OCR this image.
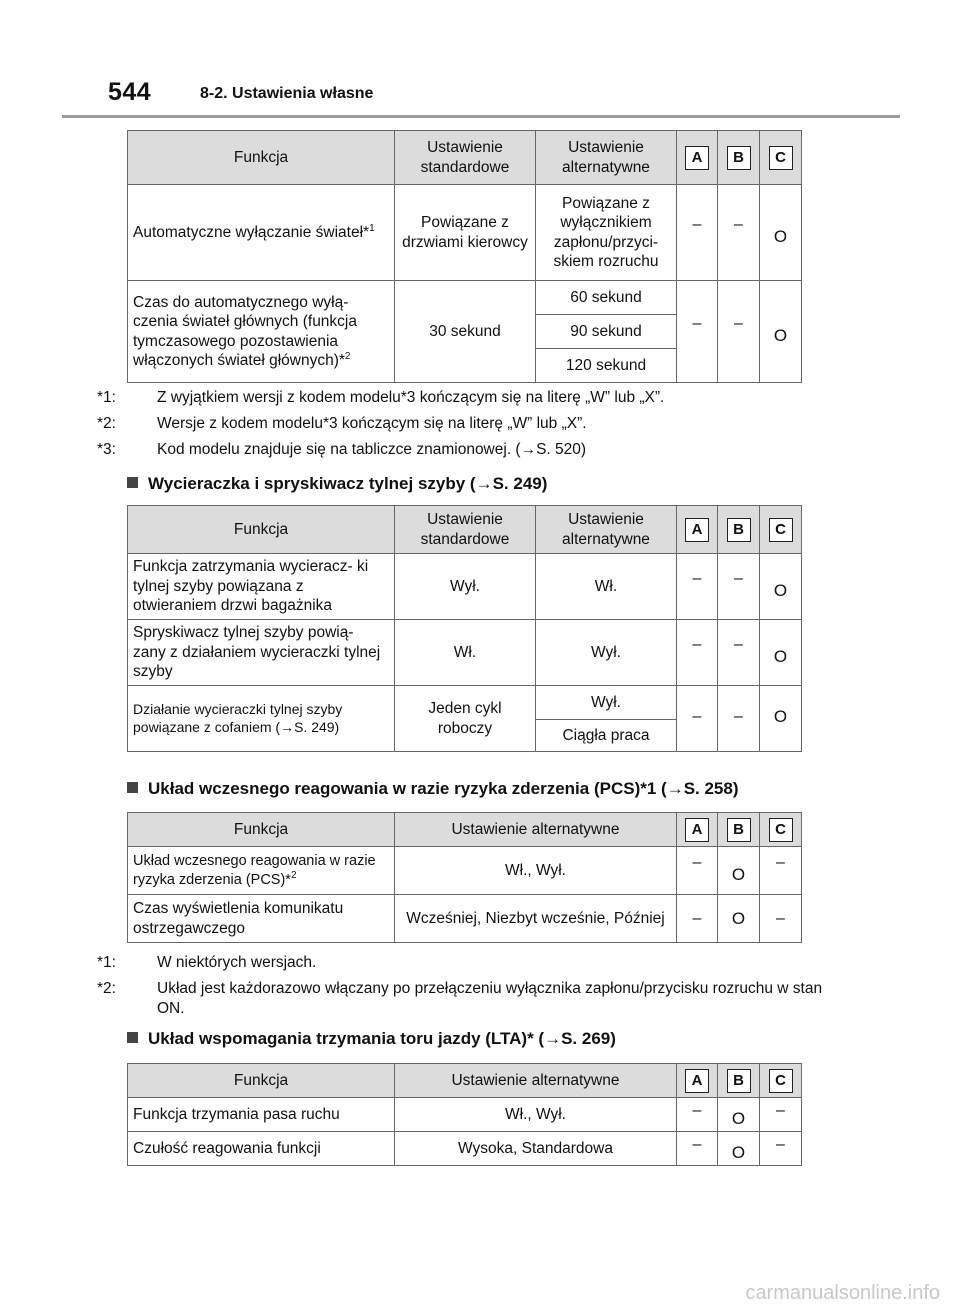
544	8-2. Ustawienia własne
Funkcja	Ustawienie standardowe	Ustawienie alternatywne	A	B	C
Automatyczne wyłączanie świateł*$^1$	Powiązane z drzwiami kierowcy	Powiązane z wyłącznikiem zapłonu/przyci- skiem rozruchu	–	–	O
Czas do automatycznego wyłą- czenia świateł głównych (funkcja tymczasowego pozostawienia włączonych świateł głównych)*$^2$	30 sekund	60 sekund	–	–	O
		90 sekund			
		120 sekund			
*1:	Z wyjątkiem wersji z kodem modelu*3 kończącym się na literę „W” lub „X”.
*2:	Wersje z kodem modelu*3 kończącym się na literę „W” lub „X”.
*3:	Kod modelu znajduje się na tabliczce znamionowej. (→S. 520)
Wycieraczka i spryskiwacz tylnej szyby (→S. 249)
Funkcja	Ustawienie standardowe	Ustawienie alternatywne	A	B	C
Funkcja zatrzymania wycieracz- ki tylnej szyby powiązana z otwieraniem drzwi bagażnika	Wył.	Wł.	–	–	O
Spryskiwacz tylnej szyby powią- zany z działaniem wycieraczki tylnej szyby	Wł.	Wył.	–	–	O
Działanie wycieraczki tylnej szyby powiązane z cofaniem (→S. 249)	Jeden cykl roboczy	Wył.	–	–	O
		Ciągła praca			
Układ wczesnego reagowania w razie ryzyka zderzenia (PCS)*1 (→S. 258)
Funkcja	Ustawienie alternatywne	A	B	C
Układ wczesnego reagowania w razie ryzyka zderzenia (PCS)*$^2$	Wł., Wył.	–	O	–
Czas wyświetlenia komunikatu ostrzegawczego	Wcześniej, Niezbyt wcześnie, Później	–	O	–
*1:	W niektórych wersjach.
*2:	Układ jest każdorazowo włączany po przełączeniu wyłącznika zapłonu/przycisku rozruchu w stan ON.
Układ wspomagania trzymania toru jazdy (LTA)* (→S. 269)
Funkcja	Ustawienie alternatywne	A	B	C
Funkcja trzymania pasa ruchu	Wł., Wył.	–	O	–
Czułość reagowania funkcji	Wysoka, Standardowa	–	O	–
carmanualsonline.info
